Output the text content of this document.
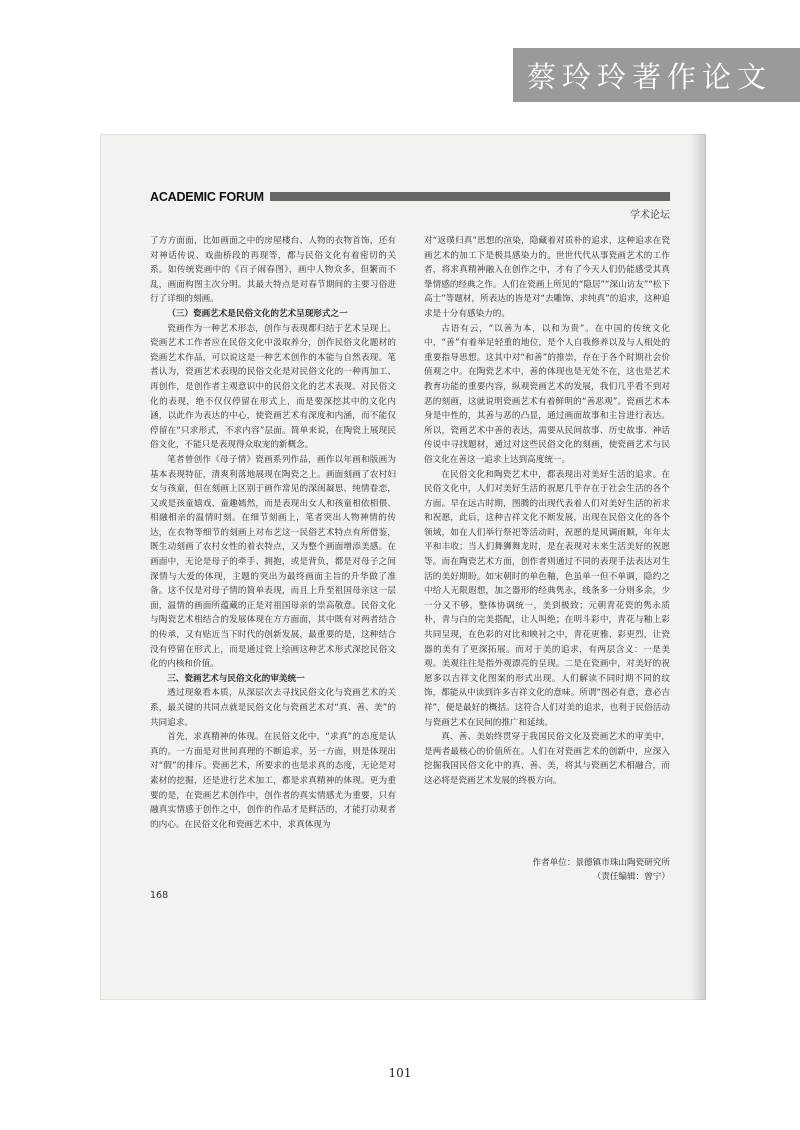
蔡玲玲著作论文
ACADEMIC FORUM
学术论坛

了方方面面，比如画面之中的房屋楼台、人物的衣物首饰，还有对神话传说、戏曲桥段的再现等，都与民俗文化有着密切的关系。如传统瓷画中的《百子闹春图》，画中人物众多，但繁而不乱，画面构图主次分明。其最大特点是对春节期间的主要习俗进行了详细的刻画。

（三）瓷画艺术是民俗文化的艺术呈现形式之一

瓷画作为一种艺术形态，创作与表现都归结于艺术呈现上。瓷画艺术工作者应在民俗文化中汲取养分，创作民俗文化题材的瓷画艺术作品，可以说这是一种艺术创作的本能与自然表现。笔者认为，瓷画艺术表现的民俗文化是对民俗文化的一种再加工、再创作，是创作者主观意识中的民俗文化的艺术表现。对民俗文化的表现，绝不仅仅停留在形式上，而是要深挖其中的文化内涵，以此作为表达的中心，使瓷画艺术有深度和内涵，而不能仅停留在“只求形式，不求内容”层面。简单来说，在陶瓷上展现民俗文化，不能只是表现得众取宠的新概念。

笔者曾创作《母子情》瓷画系列作品，画作以年画和版画为基本表现特征，清爽利落地展现在陶瓷之上。画面刻画了农村妇女与孩童，但在刻画上区别于画作常见的深闺凝思、纯情眷恋，又或是孩童嬉戏、童趣嫣然，而是表现出女人和孩童相依相偎、相融相亲的温情时刻。在细节刻画上，笔者突出人物神情的传达，在衣物等细节的刻画上对布艺这一民俗艺术特点有所借鉴，既生动刻画了农村女性的着衣特点，又为整个画面增添美感。在画面中，无论是母子的牵手、拥抱，或是背负，都是对母子之间深情与大爱的体现，主题的突出为最终画面主旨的升华做了准备。这不仅是对母子情的简单表现，而且上升至祖国母亲这一层面，温情的画面所蕴藏的正是对祖国母亲的崇高敬意。民俗文化与陶瓷艺术相结合的发展体现在方方面面，其中既有对两者结合的传承，又有贴近当下时代的创新发展，最重要的是，这种结合没有停留在形式上，而是通过瓷上绘画这种艺术形式深挖民俗文化的内核和价值。

三、瓷画艺术与民俗文化的审美统一

透过现象看本质，从深层次去寻找民俗文化与瓷画艺术的关系，最关键的共同点就是民俗文化与瓷画艺术对“真、善、美”的共同追求。

首先，求真精神的体现。在民俗文化中，“求真”的态度是认真的。一方面是对世间真理的不断追求，另一方面，则是体现出对“假”的排斥。瓷画艺术，所要求的也是求真的态度，无论是对素材的挖掘，还是进行艺术加工，都是求真精神的体现。更为重要的是，在瓷画艺术创作中，创作者的真实情感尤为重要，只有融真实情感于创作之中，创作的作品才是鲜活的，才能打动观者的内心。在民俗文化和瓷画艺术中，求真体现为

对“返璞归真”思想的渲染，隐藏着对质朴的追求，这种追求在瓷画艺术的加工下是极具感染力的。世世代代从事瓷画艺术的工作者，将求真精神融入在创作之中，才有了今天人们仍能感受其真挚情感的经典之作。人们在瓷画上所见的“隐居”“深山访友”“松下高士”等题材，所表达的皆是对“去雕饰、求纯真”的追求，这种追求是十分有感染力的。

古语有云，“以善为本，以和为贵”。在中国的传统文化中，“善”有着举足轻重的地位，是个人自我修养以及与人相处的重要指导思想。这其中对“和善”的推崇，存在于各个时期社会价值观之中。在陶瓷艺术中，善的体现也是无处不在，这也是艺术教育功能的重要内容，纵观瓷画艺术的发展，我们几乎看不到对恶的刻画，这就说明瓷画艺术有着鲜明的“善恶观”。瓷画艺术本身是中性的，其善与恶的凸显，通过画面故事和主旨进行表达。所以，瓷画艺术中善的表达，需要从民间故事、历史故事、神话传说中寻找题材，通过对这些民俗文化的刻画，使瓷画艺术与民俗文化在善这一追求上达到高度统一。

在民俗文化和陶瓷艺术中，都表现出对美好生活的追求。在民俗文化中，人们对美好生活的祝愿几乎存在于社会生活的各个方面。早在远古时期，图腾的出现代表着人们对美好生活的祈求和祝愿，此后，这种吉祥文化不断发展，出现在民俗文化的各个领域，如在人们举行祭祀等活动时，祝愿的是风调雨顺，年年太平和丰收；当人们舞狮舞龙时，是在表现对未来生活美好的祝愿等。而在陶瓷艺术方面，创作者则通过不同的表现手法表达对生活的美好期盼。如宋朝时的单色釉，色虽单一但不单调，隐约之中给人无限遐想，加之器形的经典隽永，线条多一分则多余，少一分又不够，整体协调统一，美到极致；元朝青花瓷的隽永质朴，青与白的完美搭配，让人叫绝；在明斗彩中，青花与釉上彩共同呈现，在色彩的对比和映衬之中，青花更雅、彩更烈，让瓷器的美有了更深拓展。而对于美的追求，有两层含义：一是美观。美观往往是指外观漂亮的呈现。二是在瓷画中，对美好的祝愿多以吉祥文化图案的形式出现。人们解读不同时期不同的纹饰，都能从中读到许多吉祥文化的意味。所谓“图必有意，意必吉祥”，便是最好的概括。这符合人们对美的追求，也利于民俗活动与瓷画艺术在民间的推广和延续。

真、善、美始终贯穿于我国民俗文化及瓷画艺术的审美中，是两者最核心的价值所在。人们在对瓷画艺术的创新中，应深入挖掘我国民俗文化中的真、善、美，将其与瓷画艺术相融合，而这必将是瓷画艺术发展的终极方向。

作者单位：景德镇市珠山陶瓷研究所
（责任编辑：曾宁）
168
101
